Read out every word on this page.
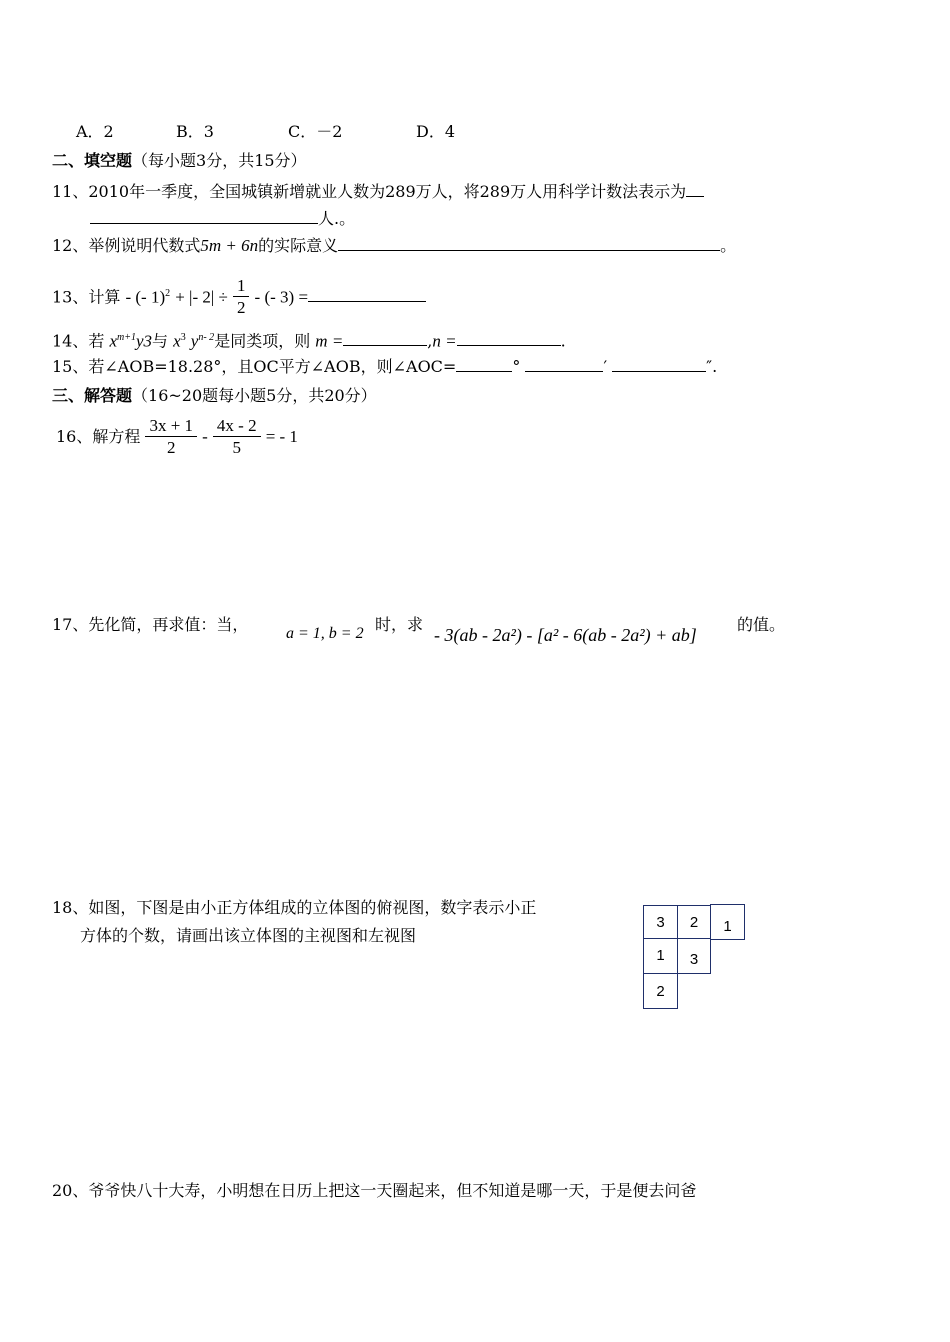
A．2	B．3	C．－2	D．4
二、填空题（每小题3分，共15分）
11、2010年一季度，全国城镇新增就业人数为289万人，将289万人用科学计数法表示为
人.。
12、举例说明代数式5m + 6n的实际意义	。
13、计算 - (- 1)$^2$ + |- $2| \div \frac{1}{2}$ - (- 3) =
14、若 $x^{m+1}y3$与 $x^3$ $y^{n- 2}$是同类项，则 m =	,n =	.
15、若∠AOB=18.28°，且OC平方∠AOB，则∠AOC=	°	′	″.
三、解答题（16~20题每小题5分，共20分）
16、解方程 $\frac{3x + 1}{2} - \frac{4x - 2}{5}$ = - 1
17、先化简，再求值：当， a = 1, b = 2 时，求
- 3(ab - 2a²) - [a² - 6(ab - 2a²) + ab]
的值。
18、如图，下图是由小正方体组成的立体图的俯视图，数字表示小正
方体的个数，请画出该立体图的主视图和左视图
3	2	1
1	3
2
20、爷爷快八十大寿，小明想在日历上把这一天圈起来，但不知道是哪一天，于是便去问爸
